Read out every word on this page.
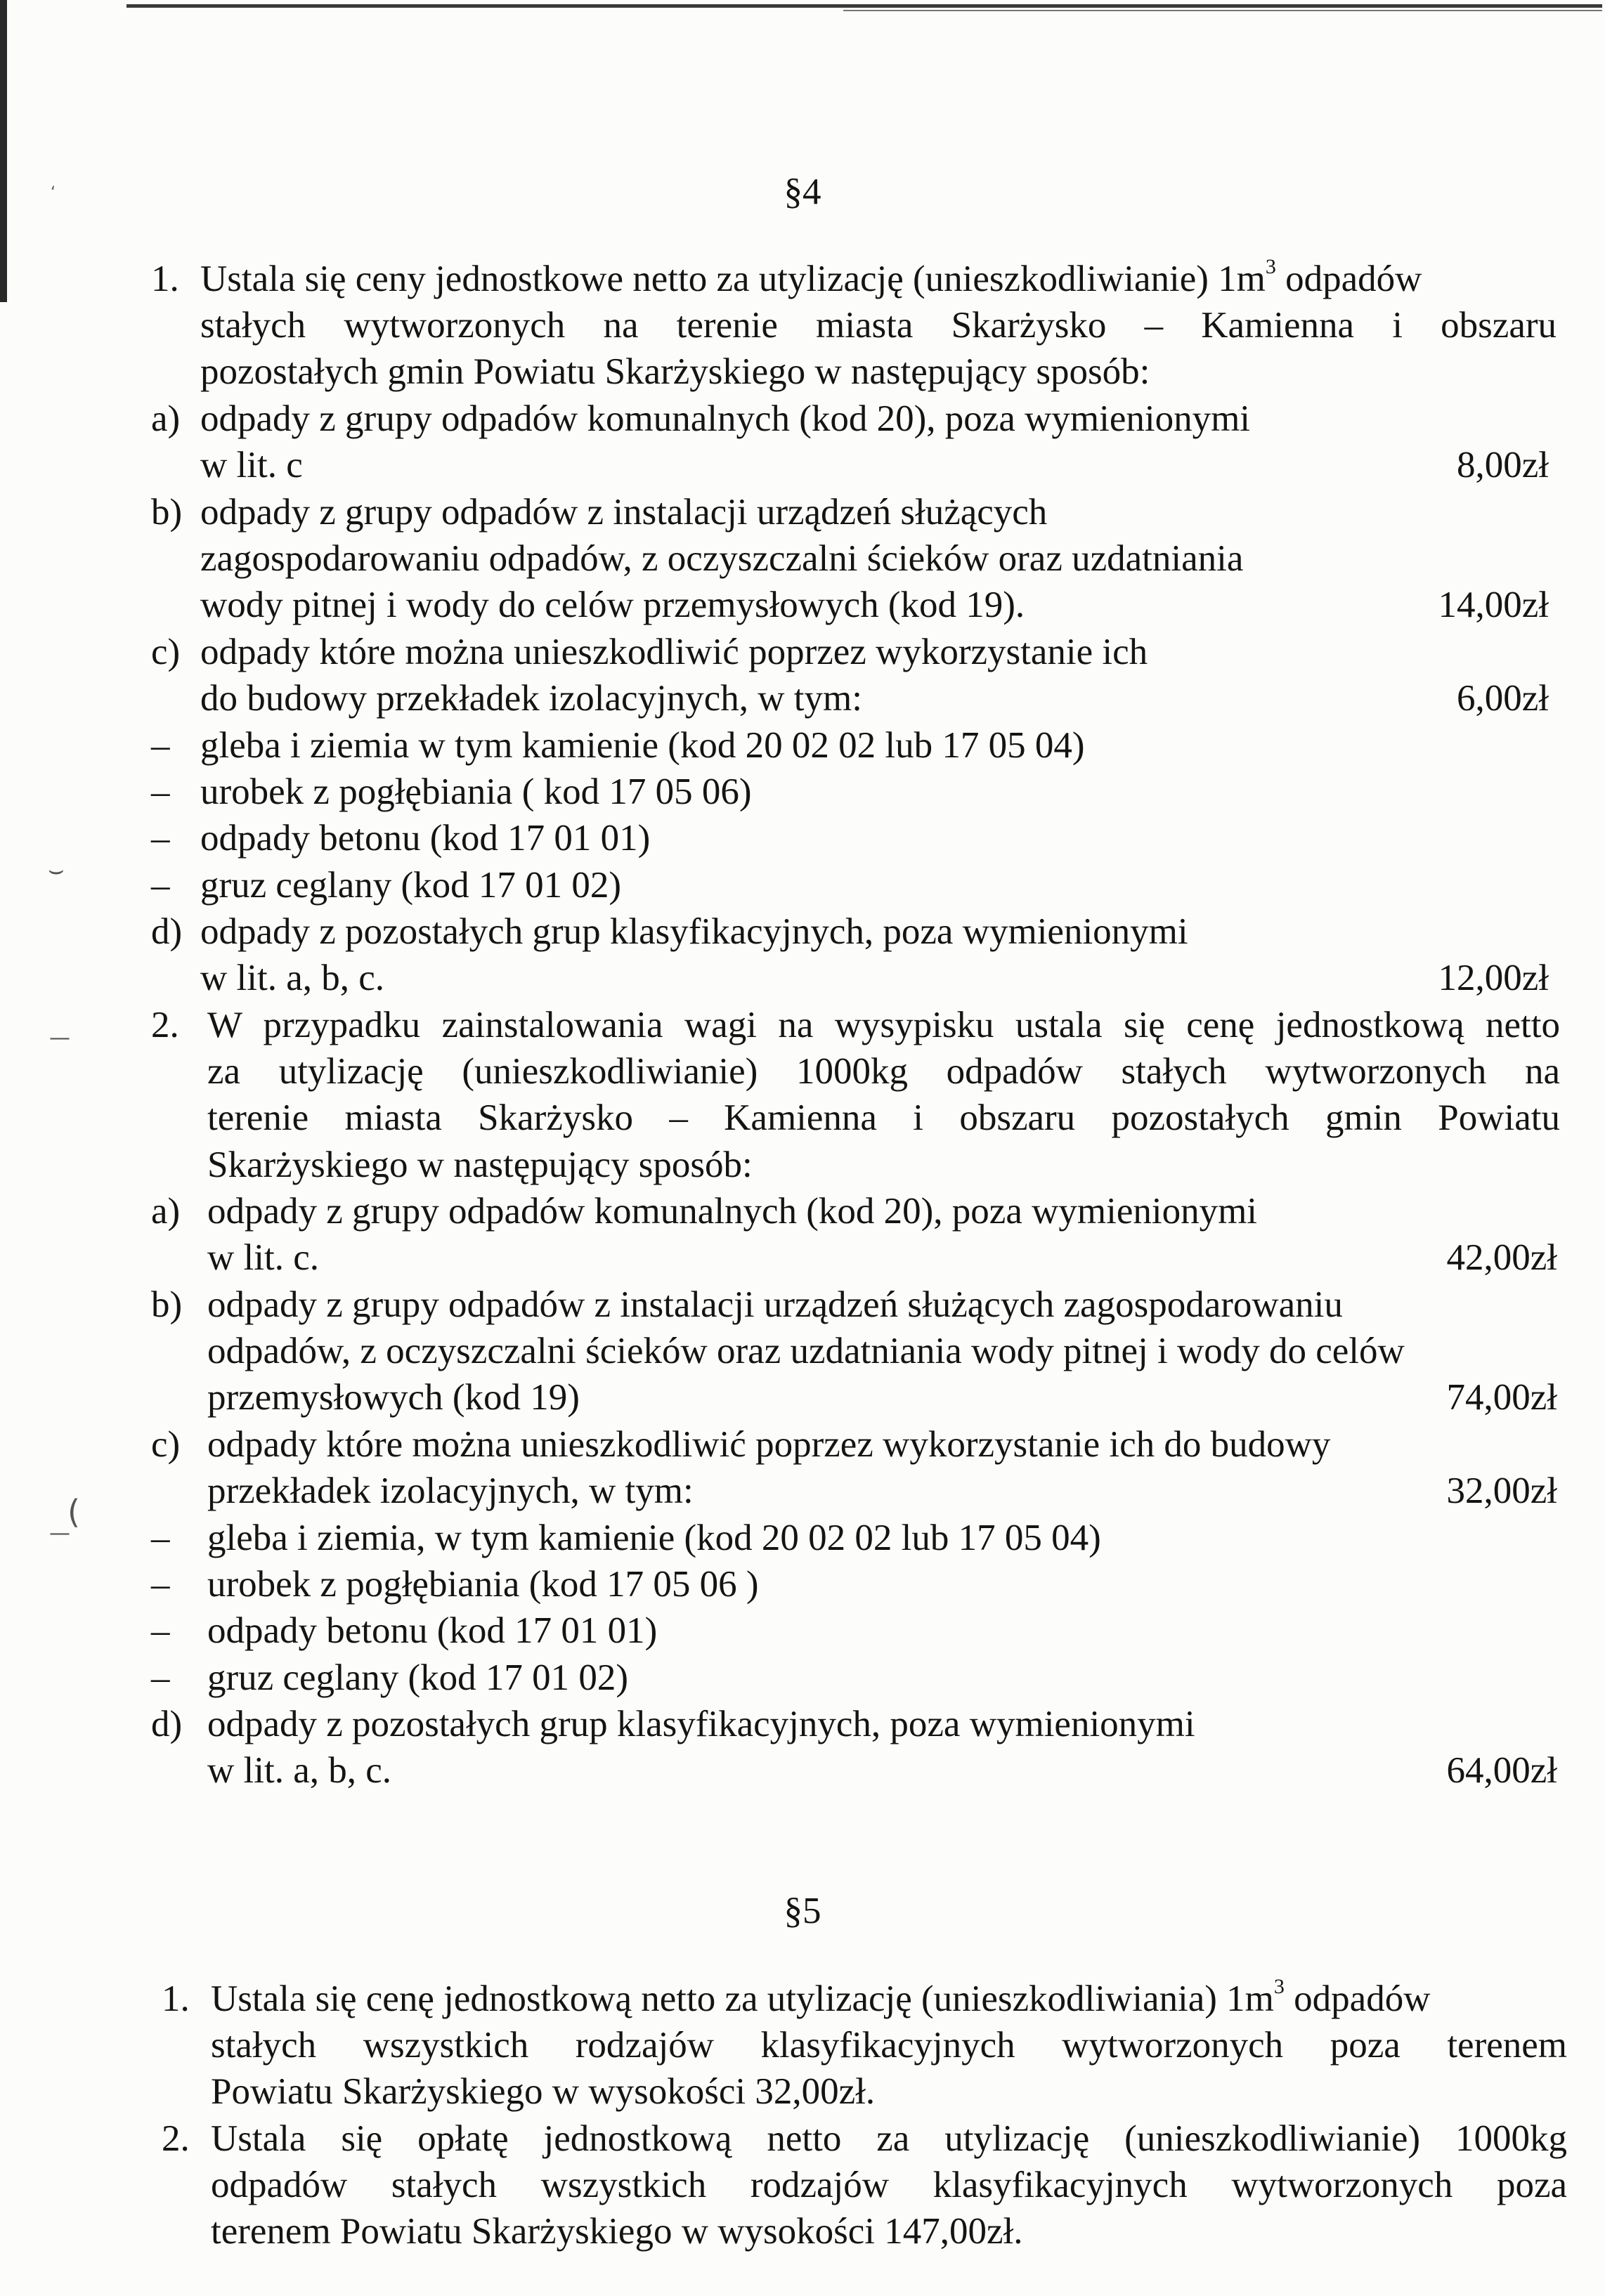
‘
⌣
—
(
—
§4
1. Ustala się ceny jednostkowe netto za utylizację (unieszkodliwianie) $1m^3$ odpadów
stałych wytworzonych na terenie miasta Skarżysko – Kamienna i obszaru
pozostałych gmin Powiatu Skarżyskiego w następujący sposób:
a) odpady z grupy odpadów komunalnych (kod 20), poza wymienionymi
w lit. c	8,00zł
b) odpady z grupy odpadów z instalacji urządzeń służących
zagospodarowaniu odpadów, z oczyszczalni ścieków oraz uzdatniania
wody pitnej i wody do celów przemysłowych (kod 19).	14,00zł
c) odpady które można unieszkodliwić poprzez wykorzystanie ich
do budowy przekładek izolacyjnych, w tym:	6,00zł
– gleba i ziemia w tym kamienie (kod 20 02 02 lub 17 05 04)
– urobek z pogłębiania ( kod 17 05 06)
– odpady betonu (kod 17 01 01)
– gruz ceglany (kod 17 01 02)
d) odpady z pozostałych grup klasyfikacyjnych, poza wymienionymi
w lit. a, b, c.	12,00zł
2. W przypadku zainstalowania wagi na wysypisku ustala się cenę jednostkową netto
za utylizację (unieszkodliwianie) 1000kg odpadów stałych wytworzonych na
terenie miasta Skarżysko – Kamienna i obszaru pozostałych gmin Powiatu
Skarżyskiego w następujący sposób:
a) odpady z grupy odpadów komunalnych (kod 20), poza wymienionymi
w lit. c.	42,00zł
b) odpady z grupy odpadów z instalacji urządzeń służących zagospodarowaniu
odpadów, z oczyszczalni ścieków oraz uzdatniania wody pitnej i wody do celów
przemysłowych (kod 19)	74,00zł
c) odpady które można unieszkodliwić poprzez wykorzystanie ich do budowy
przekładek izolacyjnych, w tym:	32,00zł
– gleba i ziemia, w tym kamienie (kod 20 02 02 lub 17 05 04)
– urobek z pogłębiania (kod 17 05 06 )
– odpady betonu (kod 17 01 01)
– gruz ceglany (kod 17 01 02)
d) odpady z pozostałych grup klasyfikacyjnych, poza wymienionymi
w lit. a, b, c.	64,00zł
§5
1. Ustala się cenę jednostkową netto za utylizację (unieszkodliwiania) $1m^3$ odpadów
stałych wszystkich rodzajów klasyfikacyjnych wytworzonych poza terenem
Powiatu Skarżyskiego w wysokości 32,00zł.
2. Ustala się opłatę jednostkową netto za utylizację (unieszkodliwianie) 1000kg
odpadów stałych wszystkich rodzajów klasyfikacyjnych wytworzonych poza
terenem Powiatu Skarżyskiego w wysokości 147,00zł.
